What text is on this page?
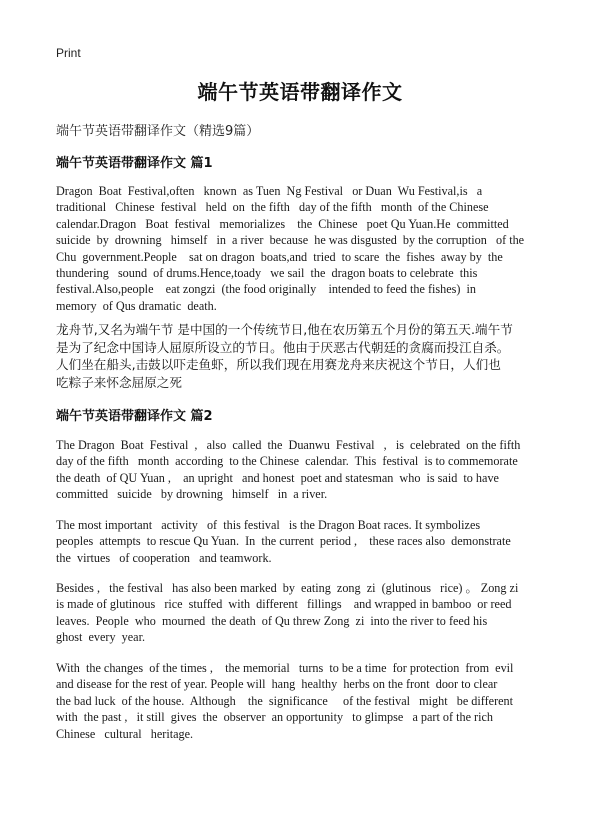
Print
端午节英语带翻译作文
端午节英语带翻译作文（精选9篇）
端午节英语带翻译作文 篇1
Dragon  Boat  Festival,often   known  as Tuen  Ng Festival   or Duan  Wu Festival,is   a
traditional   Chinese  festival   held  on  the fifth   day of the fifth   month  of the Chinese
calendar.Dragon   Boat  festival   memorializes    the  Chinese   poet Qu Yuan.He  committed
suicide  by  drowning   himself   in  a river  because  he was disgusted  by the corruption   of the
Chu  government.People    sat on dragon  boats,and  tried  to scare  the  fishes  away by  the
thundering   sound  of drums.Hence,toady   we sail  the  dragon boats to celebrate  this
festival.Also,people    eat zongzi  (the food originally    intended to feed the fishes)  in
memory  of Qus dramatic  death.
龙舟节,又名为端午节 是中国的一个传统节日,他在农历第五个月份的第五天.端午节
是为了纪念中国诗人屈原所设立的节日。他由于厌恶古代朝廷的贪腐而投江自杀。
人们坐在船头,击鼓以吓走鱼虾，所以我们现在用赛龙舟来庆祝这个节日，人们也
吃粽子来怀念屈原之死
端午节英语带翻译作文 篇2
The Dragon  Boat  Festival  ,   also  called  the  Duanwu  Festival   ,   is  celebrated  on the fifth
day of the fifth   month  according  to the Chinese  calendar.  This  festival  is to commemorate
the death  of QU Yuan ,    an upright   and honest  poet and statesman  who  is said  to have
committed   suicide   by drowning   himself   in  a river.
The most important   activity   of  this festival   is the Dragon Boat races. It symbolizes
peoples  attempts  to rescue Qu Yuan.  In  the current  period ,    these races also  demonstrate
the  virtues   of cooperation   and teamwork.
Besides ,   the festival   has also been marked  by  eating  zong  zi  (glutinous   rice) 。 Zong zi
is made of glutinous   rice  stuffed  with  different   fillings    and wrapped in bamboo  or reed
leaves.  People  who  mourned  the death  of Qu threw Zong  zi  into the river to feed his
ghost  every  year.
With  the changes  of the times ,    the memorial   turns  to be a time  for protection  from  evil
and disease for the rest of year. People will  hang  healthy  herbs on the front  door to clear
the bad luck  of the house.  Although    the  significance     of the festival   might   be different
with  the past ,   it still  gives  the  observer  an opportunity   to glimpse   a part of the rich
Chinese   cultural   heritage.
